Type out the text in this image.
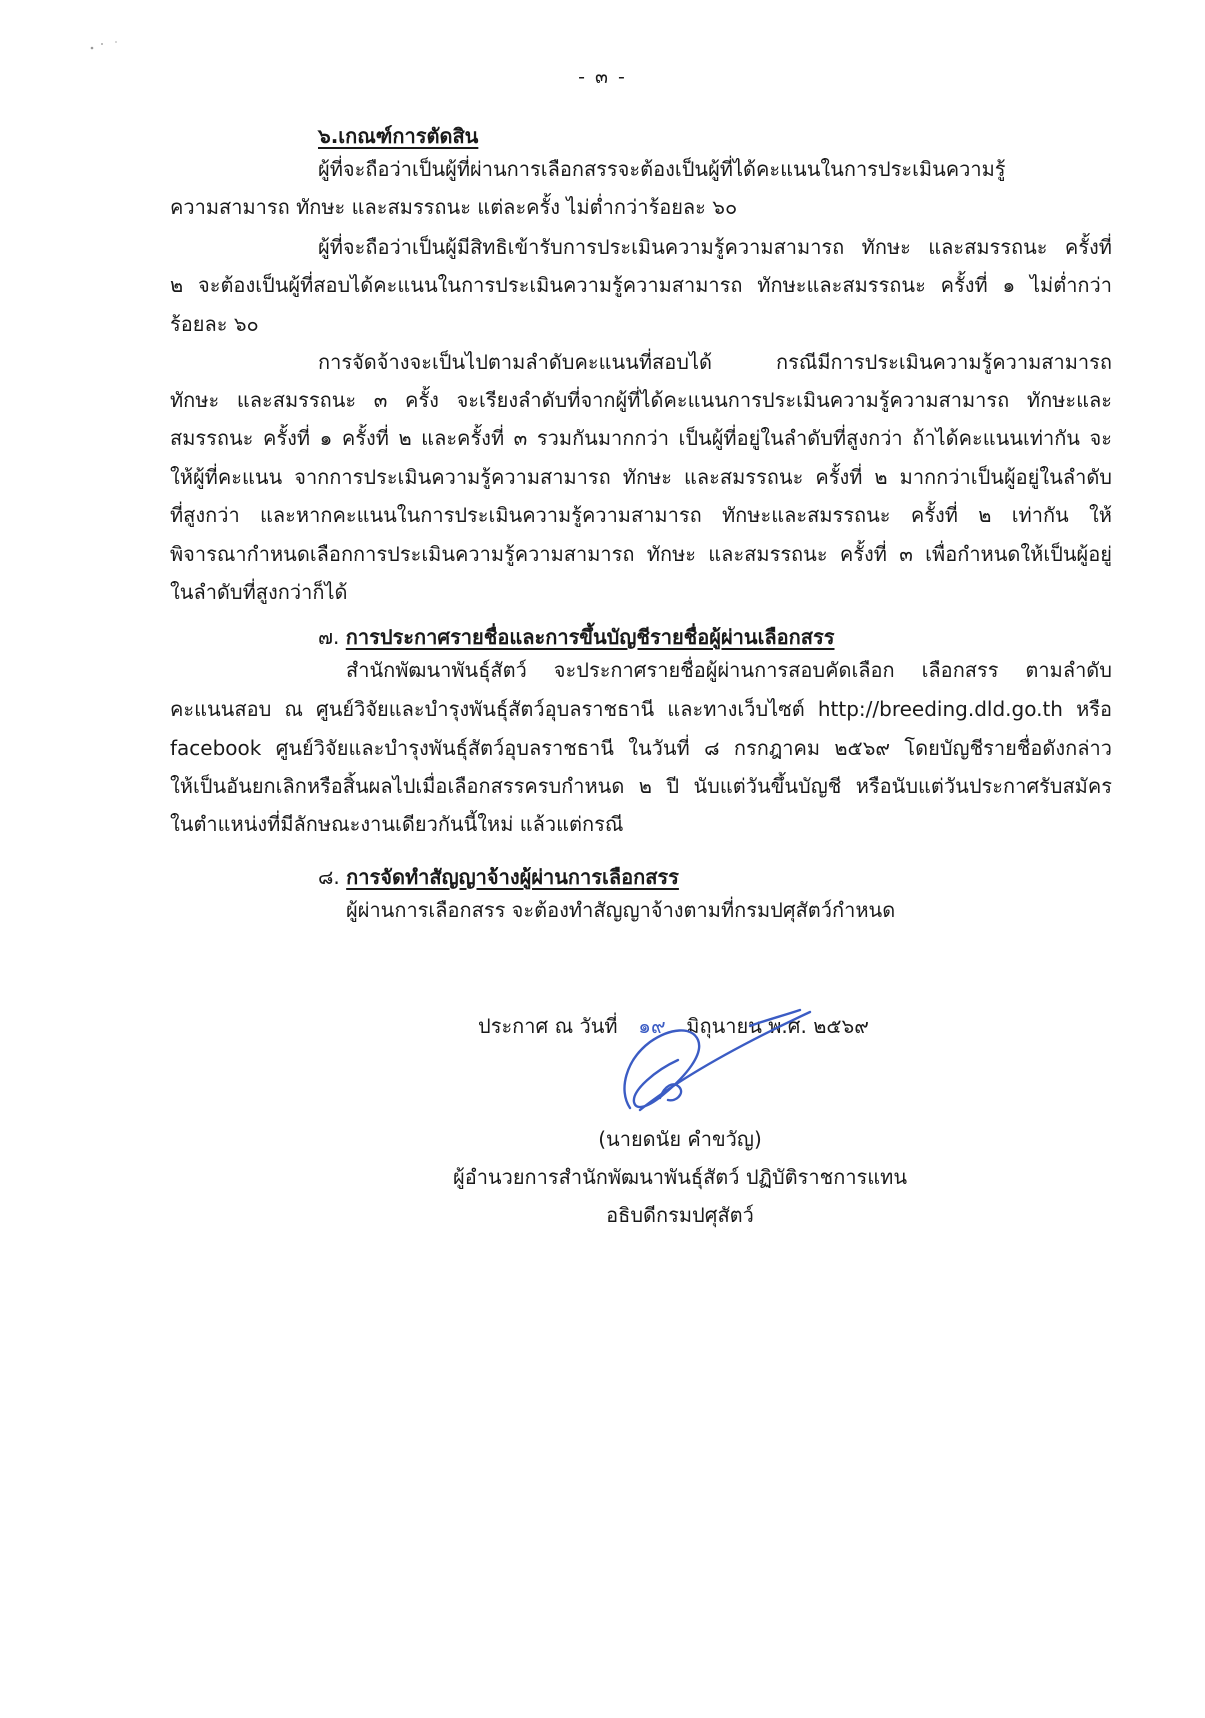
- ๓ -
๖.เกณฑ์การตัดสิน
ผู้ที่จะถือว่าเป็นผู้ที่ผ่านการเลือกสรรจะต้องเป็นผู้ที่ได้คะแนนในการประเมินความรู้
ความสามารถ ทักษะ และสมรรถนะ แต่ละครั้ง ไม่ต่ำกว่าร้อยละ ๖๐
ผู้ที่จะถือว่าเป็นผู้มีสิทธิเข้ารับการประเมินความรู้ความสามารถ ทักษะ และสมรรถนะ ครั้งที่
๒ จะต้องเป็นผู้ที่สอบได้คะแนนในการประเมินความรู้ความสามารถ ทักษะและสมรรถนะ ครั้งที่ ๑ ไม่ต่ำกว่า
ร้อยละ ๖๐
การจัดจ้างจะเป็นไปตามลำดับคะแนนที่สอบได้ กรณีมีการประเมินความรู้ความสามารถ
ทักษะ และสมรรถนะ ๓ ครั้ง จะเรียงลำดับที่จากผู้ที่ได้คะแนนการประเมินความรู้ความสามารถ ทักษะและ
สมรรถนะ ครั้งที่ ๑ ครั้งที่ ๒ และครั้งที่ ๓ รวมกันมากกว่า เป็นผู้ที่อยู่ในลำดับที่สูงกว่า ถ้าได้คะแนนเท่ากัน จะ
ให้ผู้ที่คะแนน จากการประเมินความรู้ความสามารถ ทักษะ และสมรรถนะ ครั้งที่ ๒ มากกว่าเป็นผู้อยู่ในลำดับ
ที่สูงกว่า และหากคะแนนในการประเมินความรู้ความสามารถ ทักษะและสมรรถนะ ครั้งที่ ๒ เท่ากัน ให้
พิจารณากำหนดเลือกการประเมินความรู้ความสามารถ ทักษะ และสมรรถนะ ครั้งที่ ๓ เพื่อกำหนดให้เป็นผู้อยู่
ในลำดับที่สูงกว่าก็ได้
๗. การประกาศรายชื่อและการขึ้นบัญชีรายชื่อผู้ผ่านเลือกสรร
สำนักพัฒนาพันธุ์สัตว์ จะประกาศรายชื่อผู้ผ่านการสอบคัดเลือก เลือกสรร ตามลำดับ
คะแนนสอบ ณ ศูนย์วิจัยและบำรุงพันธุ์สัตว์อุบลราชธานี และทางเว็บไซต์ http://breeding.dld.go.th หรือ
facebook ศูนย์วิจัยและบำรุงพันธุ์สัตว์อุบลราชธานี ในวันที่ ๘ กรกฎาคม ๒๕๖๙ โดยบัญชีรายชื่อดังกล่าว
ให้เป็นอันยกเลิกหรือสิ้นผลไปเมื่อเลือกสรรครบกำหนด ๒ ปี นับแต่วันขึ้นบัญชี หรือนับแต่วันประกาศรับสมัคร
ในตำแหน่งที่มีลักษณะงานเดียวกันนี้ใหม่ แล้วแต่กรณี
๘. การจัดทำสัญญาจ้างผู้ผ่านการเลือกสรร
ผู้ผ่านการเลือกสรร จะต้องทำสัญญาจ้างตามที่กรมปศุสัตว์กำหนด
ประกาศ ณ วันที่ ๑๙ มิถุนายน พ.ศ. ๒๕๖๙
(นายดนัย คำขวัญ)
ผู้อำนวยการสำนักพัฒนาพันธุ์สัตว์ ปฏิบัติราชการแทน
อธิบดีกรมปศุสัตว์
